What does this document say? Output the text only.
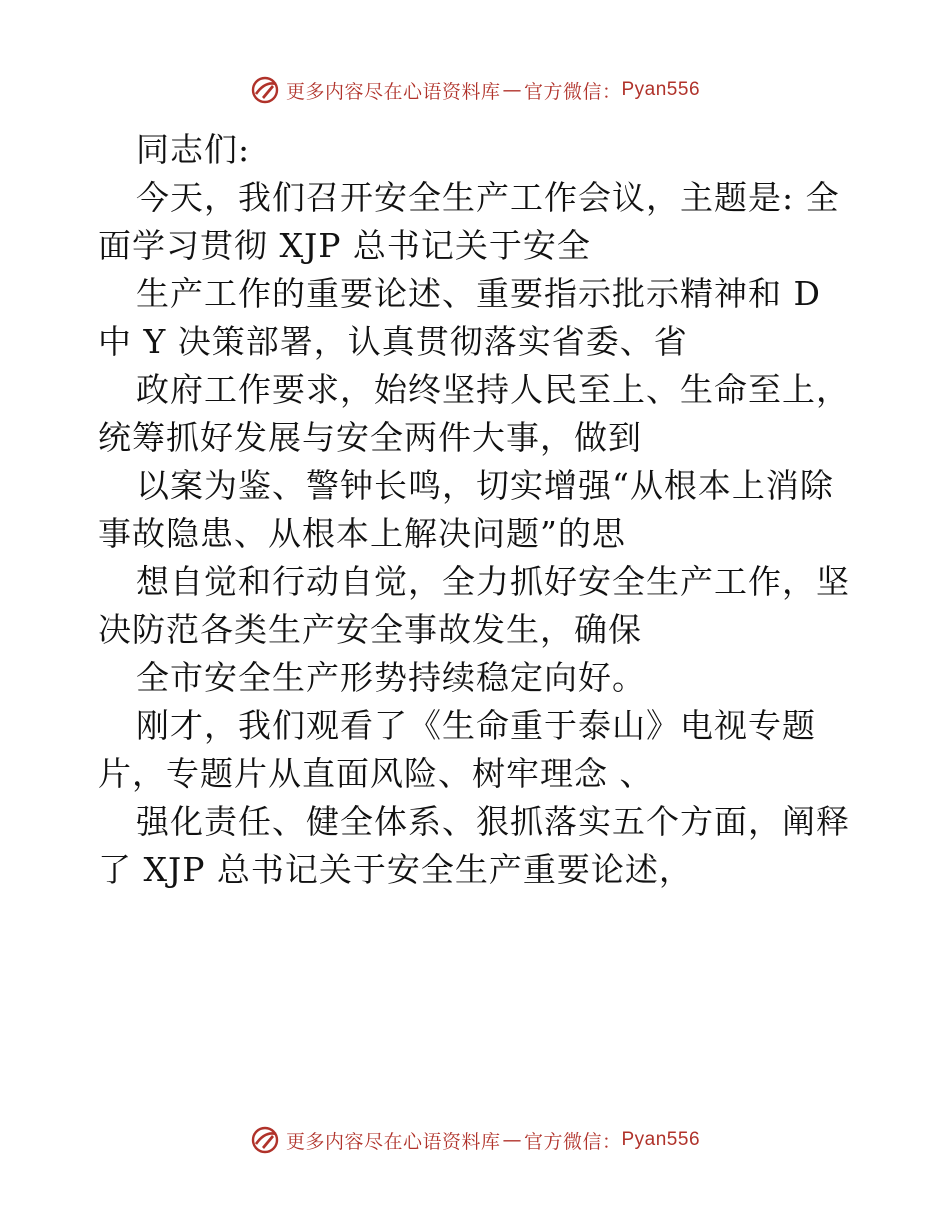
更多内容尽在心语资料库 — 官方微信： Pyan556
同志们:
今天，我们召开安全生产工作会议，主题是: 全
面学习贯彻 XJP 总书记关于安全
生产工作的重要论述、重要指示批示精神和 D
中 Y 决策部署，认真贯彻落实省委、省
政府工作要求，始终坚持人民至上、生命至上，
统筹抓好发展与安全两件大事，做到
以案为鉴、警钟长鸣，切实增强“从根本上消除
事故隐患、从根本上解决问题”的思
想自觉和行动自觉，全力抓好安全生产工作，坚
决防范各类生产安全事故发生，确保
全市安全生产形势持续稳定向好。
刚才，我们观看了《生命重于泰山》电视专题
片，专题片从直面风险、树牢理念 、
强化责任、健全体系、狠抓落实五个方面，阐释
了 XJP 总书记关于安全生产重要论述，
更多内容尽在心语资料库 — 官方微信： Pyan556
